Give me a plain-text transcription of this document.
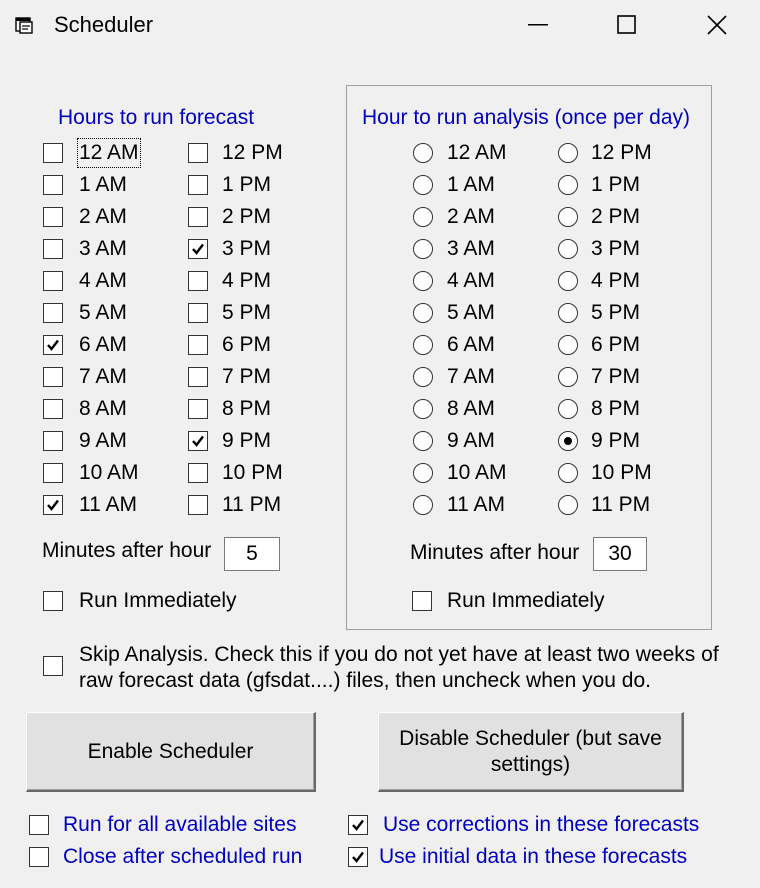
Scheduler
Hours to run forecast
Minutes after hour
5
Run Immediately
Hour to run analysis (once per day)
Minutes after hour
30
Run Immediately
Skip Analysis. Check this if you do not yet have at least two weeks of
raw forecast data (gfsdat....) files, then uncheck when you do.
Enable Scheduler
Disable Scheduler (but save
settings)
Run for all available sites
Close after scheduled run
Use corrections in these forecasts
Use initial data in these forecasts
12 AM
1 AM
2 AM
3 AM
4 AM
5 AM
6 AM
7 AM
8 AM
9 AM
10 AM
11 AM
12 PM
1 PM
2 PM
3 PM
4 PM
5 PM
6 PM
7 PM
8 PM
9 PM
10 PM
11 PM
12 AM
1 AM
2 AM
3 AM
4 AM
5 AM
6 AM
7 AM
8 AM
9 AM
10 AM
11 AM
12 PM
1 PM
2 PM
3 PM
4 PM
5 PM
6 PM
7 PM
8 PM
9 PM
10 PM
11 PM
